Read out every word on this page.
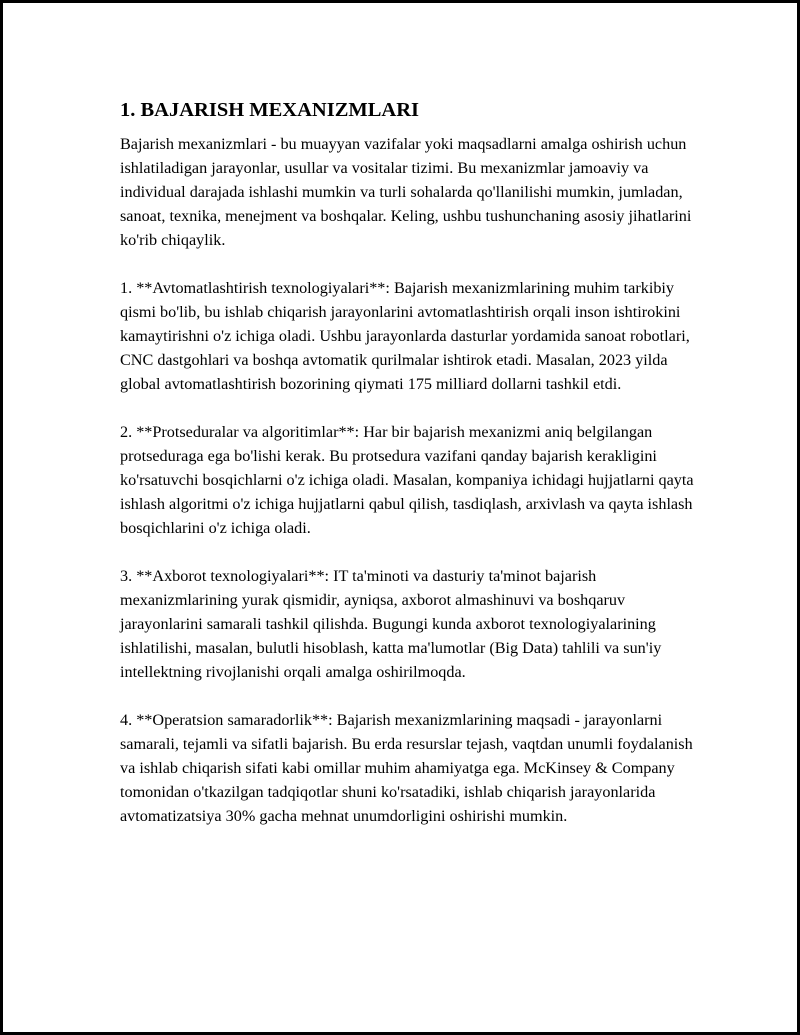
1. BAJARISH MEXANIZMLARI

Bajarish mexanizmlari - bu muayyan vazifalar yoki maqsadlarni amalga oshirish uchun ishlatiladigan jarayonlar, usullar va vositalar tizimi. Bu mexanizmlar jamoaviy va individual darajada ishlashi mumkin va turli sohalarda qo'llanilishi mumkin, jumladan, sanoat, texnika, menejment va boshqalar. Keling, ushbu tushunchaning asosiy jihatlarini ko'rib chiqaylik.

1. **Avtomatlashtirish texnologiyalari**: Bajarish mexanizmlarining muhim tarkibiy qismi bo'lib, bu ishlab chiqarish jarayonlarini avtomatlashtirish orqali inson ishtirokini kamaytirishni o'z ichiga oladi. Ushbu jarayonlarda dasturlar yordamida sanoat robotlari, CNC dastgohlari va boshqa avtomatik qurilmalar ishtirok etadi. Masalan, 2023 yilda global avtomatlashtirish bozorining qiymati 175 milliard dollarni tashkil etdi.

2. **Protseduralar va algoritimlar**: Har bir bajarish mexanizmi aniq belgilangan protseduraga ega bo'lishi kerak. Bu protsedura vazifani qanday bajarish kerakligini ko'rsatuvchi bosqichlarni o'z ichiga oladi. Masalan, kompaniya ichidagi hujjatlarni qayta ishlash algoritmi o'z ichiga hujjatlarni qabul qilish, tasdiqlash, arxivlash va qayta ishlash bosqichlarini o'z ichiga oladi.

3. **Axborot texnologiyalari**: IT ta'minoti va dasturiy ta'minot bajarish mexanizmlarining yurak qismidir, ayniqsa, axborot almashinuvi va boshqaruv jarayonlarini samarali tashkil qilishda. Bugungi kunda axborot texnologiyalarining ishlatilishi, masalan, bulutli hisoblash, katta ma'lumotlar (Big Data) tahlili va sun'iy intellektning rivojlanishi orqali amalga oshirilmoqda.

4. **Operatsion samaradorlik**: Bajarish mexanizmlarining maqsadi - jarayonlarni samarali, tejamli va sifatli bajarish. Bu erda resurslar tejash, vaqtdan unumli foydalanish va ishlab chiqarish sifati kabi omillar muhim ahamiyatga ega. McKinsey & Company tomonidan o'tkazilgan tadqiqotlar shuni ko'rsatadiki, ishlab chiqarish jarayonlarida avtomatizatsiya 30% gacha mehnat unumdorligini oshirishi mumkin.
